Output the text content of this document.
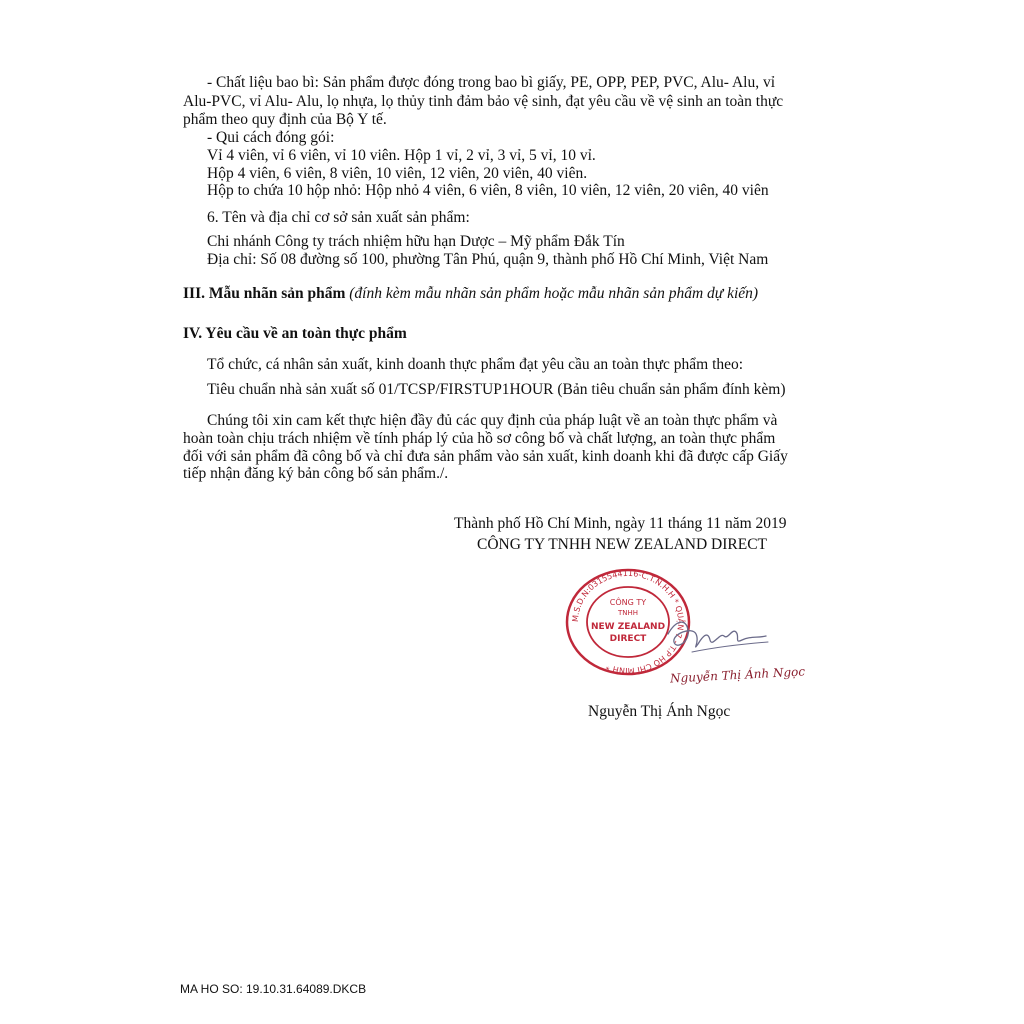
- Chất liệu bao bì: Sản phẩm được đóng trong bao bì giấy, PE, OPP, PEP, PVC, Alu- Alu, vỉ
Alu-PVC, vỉ Alu- Alu, lọ nhựa, lọ thủy tinh đảm bảo vệ sinh, đạt yêu cầu về vệ sinh an toàn thực
phẩm theo quy định của Bộ Y tế.
- Qui cách đóng gói:
Vỉ 4 viên, vỉ 6 viên, vỉ 10 viên. Hộp 1 vỉ, 2 vỉ, 3 vỉ, 5 vỉ, 10 vỉ.
Hộp 4 viên, 6 viên, 8 viên, 10 viên, 12 viên, 20 viên, 40 viên.
Hộp to chứa 10 hộp nhỏ: Hộp nhỏ 4 viên, 6 viên, 8 viên, 10 viên, 12 viên, 20 viên, 40 viên
6. Tên và địa chỉ cơ sở sản xuất sản phẩm:
Chi nhánh Công ty trách nhiệm hữu hạn Dược – Mỹ phẩm Đắk Tín
Địa chỉ: Số 08 đường số 100, phường Tân Phú, quận 9, thành phố Hồ Chí Minh, Việt Nam
III. Mẫu nhãn sản phẩm (đính kèm mẫu nhãn sản phẩm hoặc mẫu nhãn sản phẩm dự kiến)
IV. Yêu cầu về an toàn thực phẩm
Tổ chức, cá nhân sản xuất, kinh doanh thực phẩm đạt yêu cầu an toàn thực phẩm theo:
Tiêu chuẩn nhà sản xuất số 01/TCSP/FIRSTUP1HOUR (Bản tiêu chuẩn sản phẩm đính kèm)
Chúng tôi xin cam kết thực hiện đầy đủ các quy định của pháp luật về an toàn thực phẩm và
hoàn toàn chịu trách nhiệm về tính pháp lý của hồ sơ công bố và chất lượng, an toàn thực phẩm
đối với sản phẩm đã công bố và chỉ đưa sản phẩm vào sản xuất, kinh doanh khi đã được cấp Giấy
tiếp nhận đăng ký bản công bố sản phẩm./.
Thành phố Hồ Chí Minh, ngày 11 tháng 11 năm 2019
CÔNG TY TNHH NEW ZEALAND DIRECT
M.S.D.N:0315544116-C.T.N.H.H * QUẬN 7 - T.P HỒ CHÍ MINH *
CÔNG TY
TNHH
NEW ZEALAND
DIRECT
Nguyễn Thị Ánh Ngọc
Nguyễn Thị Ánh Ngọc
MA HO SO: 19.10.31.64089.DKCB
